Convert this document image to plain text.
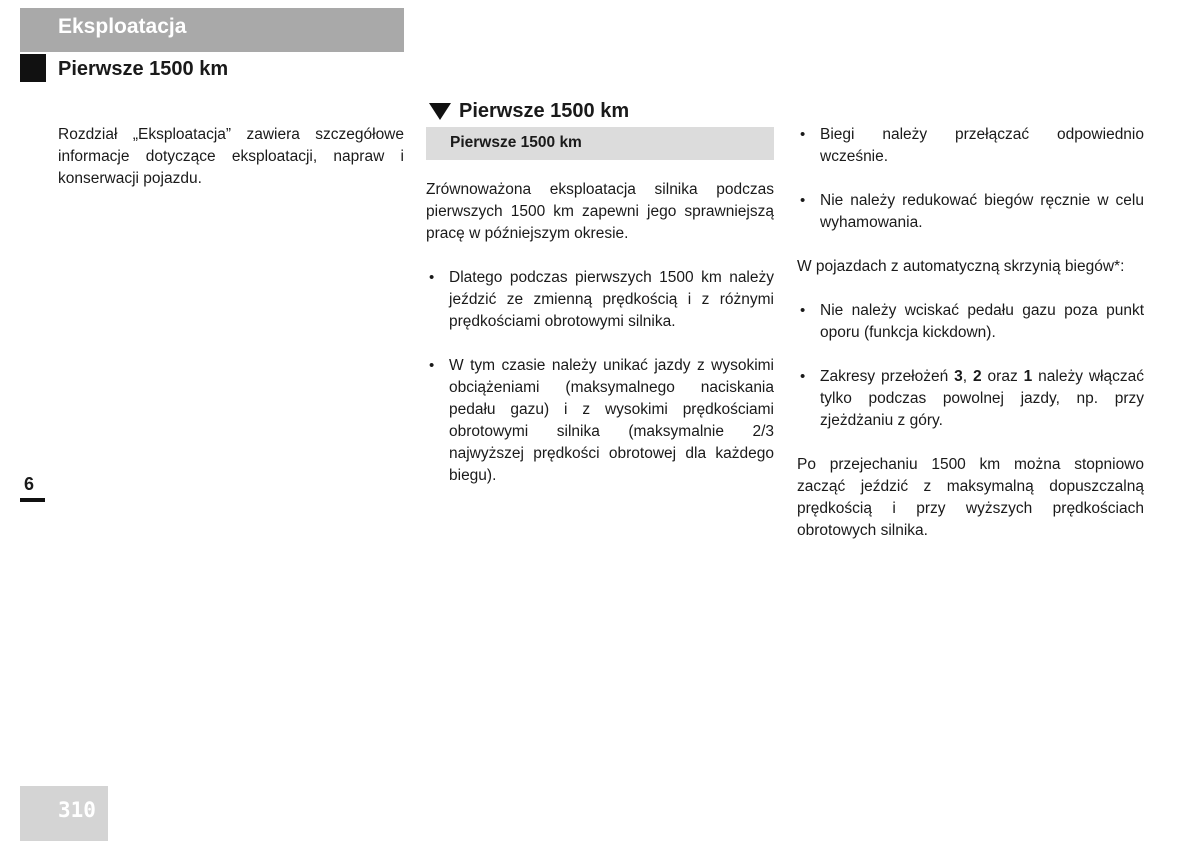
Eksploatacja
Pierwsze 1500 km

Rozdział „Eksploatacja” zawiera szczegółowe informacje dotyczące eksploatacji, napraw i konserwacji pojazdu.

Pierwsze 1500 km
Pierwsze 1500 km

Zrównoważona eksploatacja silnika podczas pierwszych 1500 km zapewni jego sprawniejszą pracę w późniejszym okresie.

• Dlatego podczas pierwszych 1500 km należy jeździć ze zmienną prędkością i z różnymi prędkościami obrotowymi silnika.
• W tym czasie należy unikać jazdy z wysokimi obciążeniami (maksymalnego naciskania pedału gazu) i z wysokimi prędkościami obrotowymi silnika (maksymalnie 2/3 najwyższej prędkości obrotowej dla każdego biegu).
• Biegi należy przełączać odpowiednio wcześnie.
• Nie należy redukować biegów ręcznie w celu wyhamowania.

W pojazdach z automatyczną skrzynią biegów*:

• Nie należy wciskać pedału gazu poza punkt oporu (funkcja kickdown).
• Zakresy przełożeń 3, 2 oraz 1 należy włączać tylko podczas powolnej jazdy, np. przy zjeżdżaniu z góry.

Po przejechaniu 1500 km można stopniowo zacząć jeździć z maksymalną dopuszczalną prędkością i przy wyższych prędkościach obrotowych silnika.

6
310
